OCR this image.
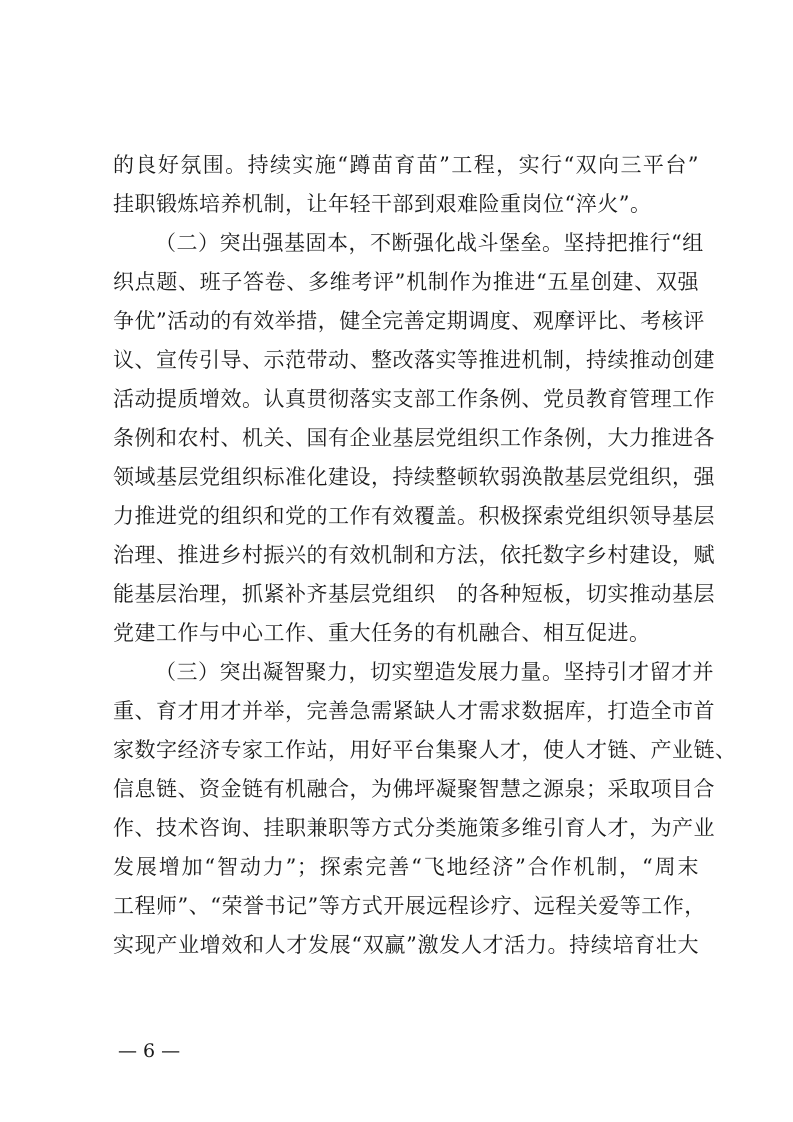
的良好氛围。持续实施“蹲苗育苗”工程，实行“双向三平台”
挂职锻炼培养机制，让年轻干部到艰难险重岗位“淬火”。
（二）突出强基固本，不断强化战斗堡垒。坚持把推行“组
织点题、班子答卷、多维考评”机制作为推进“五星创建、双强
争优”活动的有效举措，健全完善定期调度、观摩评比、考核评
议、宣传引导、示范带动、整改落实等推进机制，持续推动创建
活动提质增效。认真贯彻落实支部工作条例、党员教育管理工作
条例和农村、机关、国有企业基层党组织工作条例，大力推进各
领域基层党组织标准化建设，持续整顿软弱涣散基层党组织，强
力推进党的组织和党的工作有效覆盖。积极探索党组织领导基层
治理、推进乡村振兴的有效机制和方法，依托数字乡村建设，赋
能基层治理，抓紧补齐基层党组织　的各种短板，切实推动基层
党建工作与中心工作、重大任务的有机融合、相互促进。
（三）突出凝智聚力，切实塑造发展力量。坚持引才留才并
重、育才用才并举，完善急需紧缺人才需求数据库，打造全市首
家数字经济专家工作站，用好平台集聚人才，使人才链、产业链、
信息链、资金链有机融合，为佛坪凝聚智慧之源泉；采取项目合
作、技术咨询、挂职兼职等方式分类施策多维引育人才，为产业
发展增加“智动力”；探索完善“飞地经济”合作机制，“周末
工程师”、“荣誉书记”等方式开展远程诊疗、远程关爱等工作，
实现产业增效和人才发展“双赢”激发人才活力。持续培育壮大
— 6 —
